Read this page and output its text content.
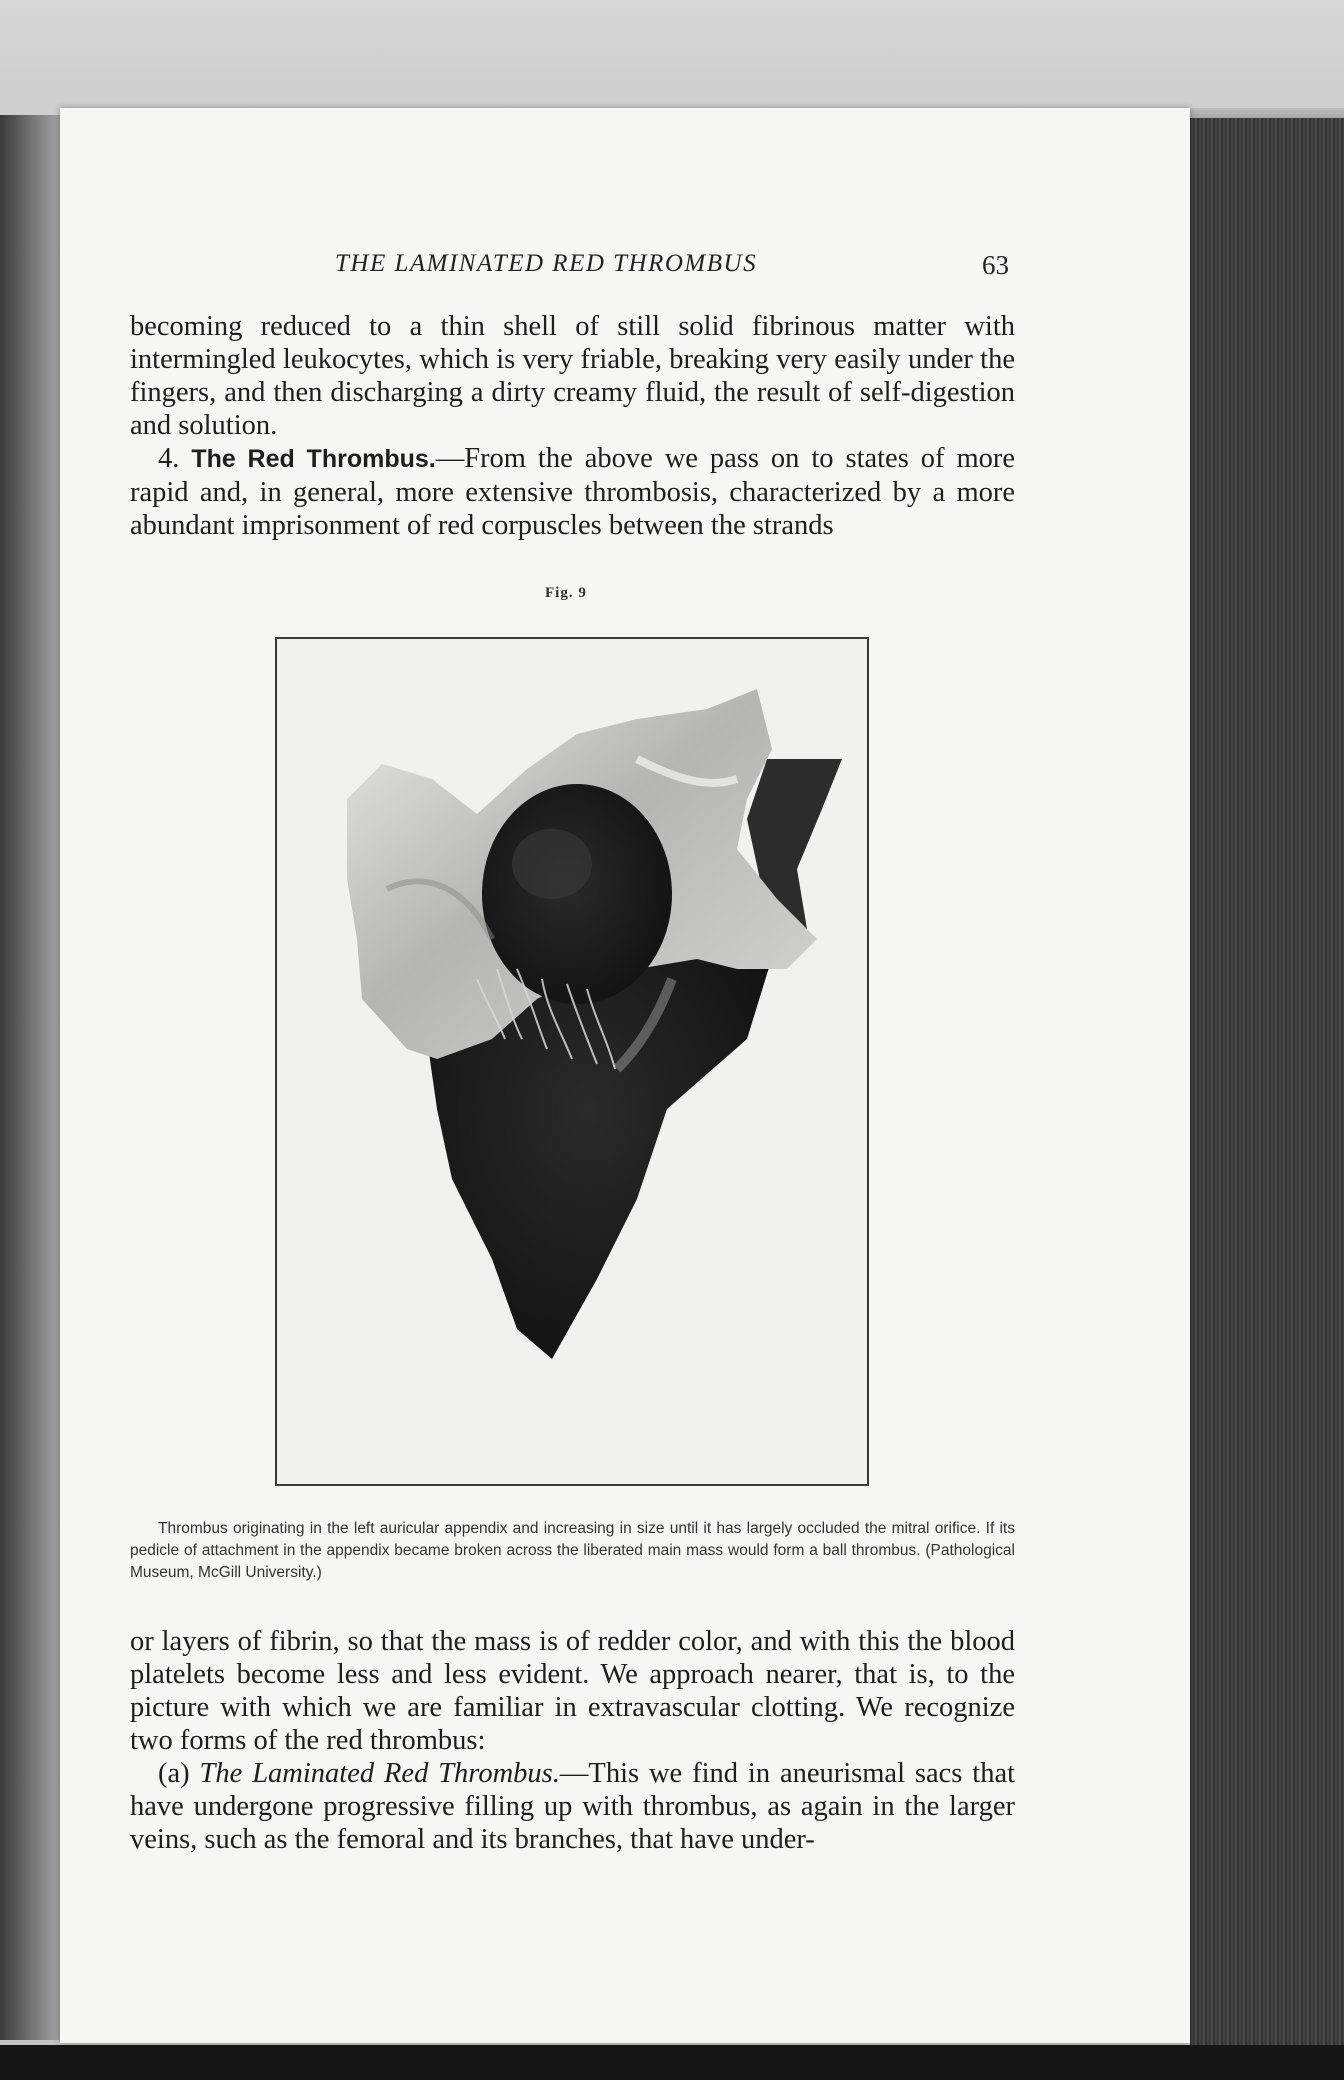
THE LAMINATED RED THROMBUS	63

becoming reduced to a thin shell of still solid fibrinous matter with intermingled leukocytes, which is very friable, breaking very easily under the fingers, and then discharging a dirty creamy fluid, the result of self-digestion and solution.

4. The Red Thrombus.—From the above we pass on to states of more rapid and, in general, more extensive thrombosis, characterized by a more abundant imprisonment of red corpuscles between the strands

Fig. 9
Thrombus originating in the left auricular appendix and increasing in size until it has largely occluded the mitral orifice. If its pedicle of attachment in the appendix became broken across the liberated main mass would form a ball thrombus. (Pathological Museum, McGill University.)

or layers of fibrin, so that the mass is of redder color, and with this the blood platelets become less and less evident. We approach nearer, that is, to the picture with which we are familiar in extravascular clotting. We recognize two forms of the red thrombus:

(a) The Laminated Red Thrombus.—This we find in aneurismal sacs that have undergone progressive filling up with thrombus, as again in the larger veins, such as the femoral and its branches, that have under-
